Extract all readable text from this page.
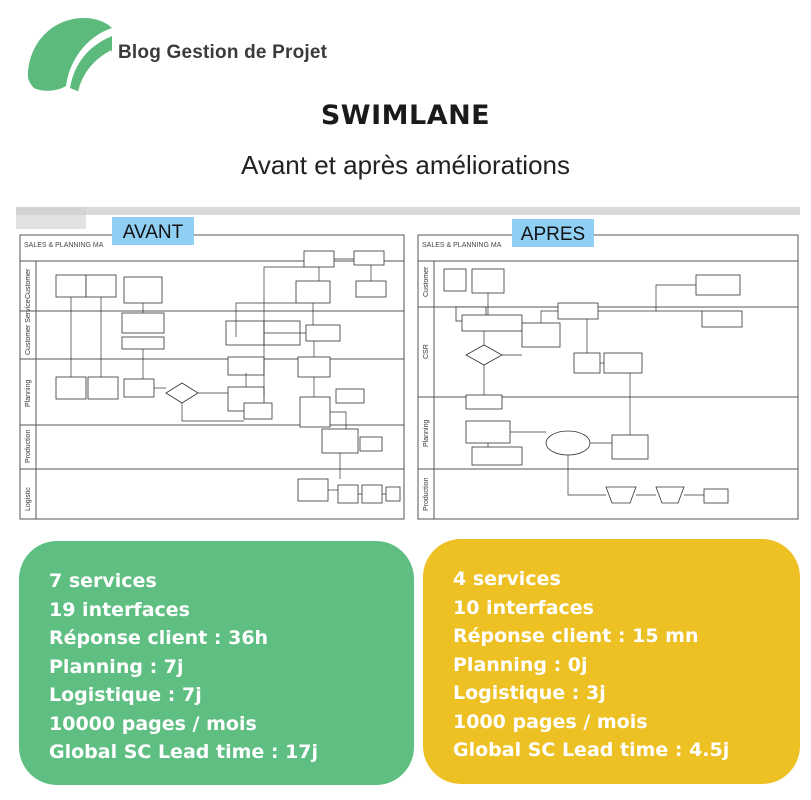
Blog Gestion de Projet
SWIMLANE
Avant et après améliorations
SALES & PLANNING MA
Customer
Customer Service
Planning
Production
Logistic
AVANT
SALES & PLANNING MA
Customer
CSR
Planning
Production
APRES
7 services
19 interfaces
Réponse client : 36h
Planning : 7j
Logistique : 7j
10000 pages / mois
Global SC Lead time : 17j
4 services
10 interfaces
Réponse client : 15 mn
Planning : 0j
Logistique : 3j
1000 pages / mois
Global SC Lead time : 4.5j
